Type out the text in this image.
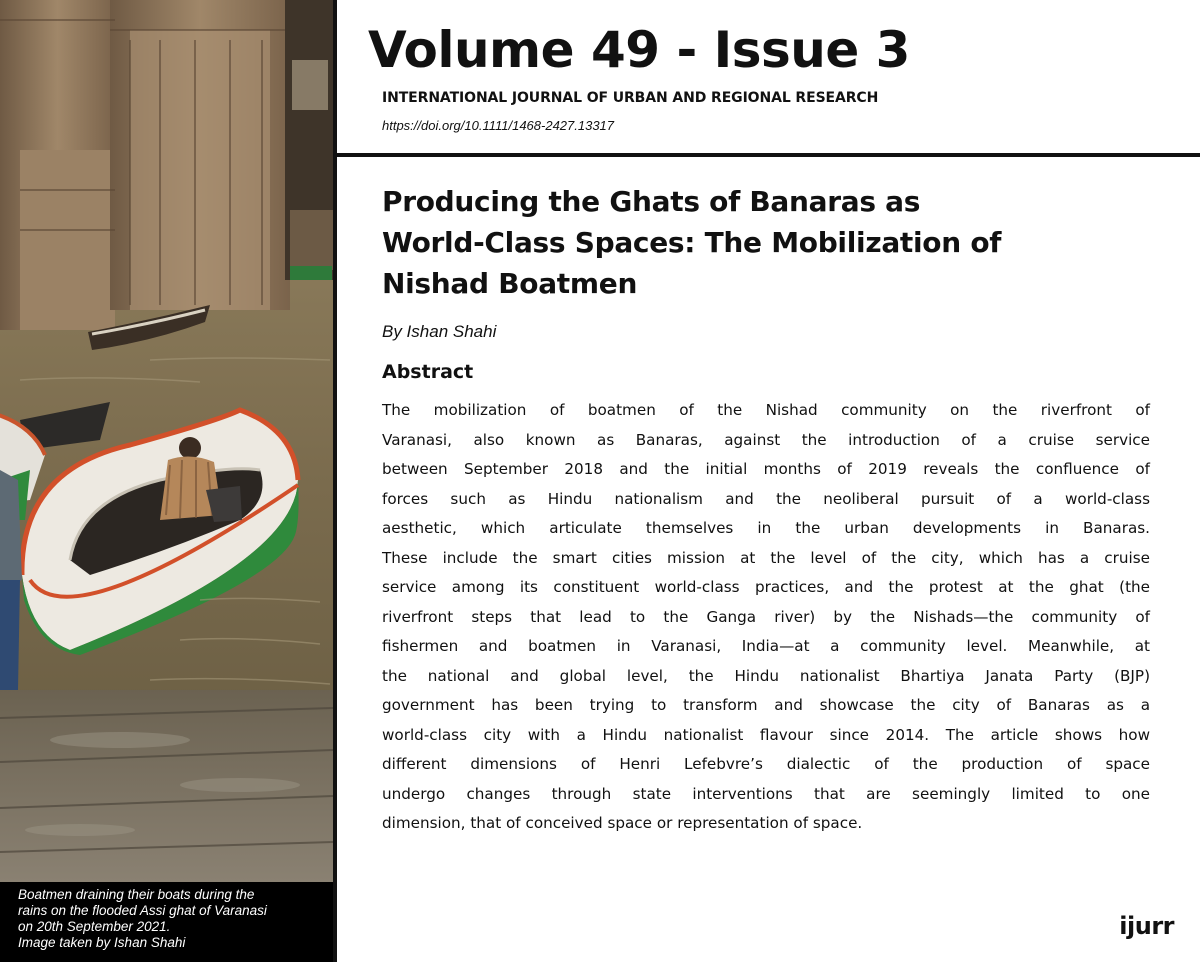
Boatmen draining their boats during the
rains on the flooded Assi ghat of Varanasi
on 20th September 2021.
Image taken by Ishan Shahi
Volume 49 - Issue 3
INTERNATIONAL JOURNAL OF URBAN AND REGIONAL RESEARCH
https://doi.org/10.1111/1468-2427.13317
Producing the Ghats of Banaras as
World-Class Spaces: The Mobilization of
Nishad Boatmen
By Ishan Shahi
Abstract
The mobilization of boatmen of the Nishad community on the riverfront of
Varanasi, also known as Banaras, against the introduction of a cruise service
between September 2018 and the initial months of 2019 reveals the confluence of
forces such as Hindu nationalism and the neoliberal pursuit of a world-class
aesthetic, which articulate themselves in the urban developments in Banaras.
These include the smart cities mission at the level of the city, which has a cruise
service among its constituent world-class practices, and the protest at the ghat (the
riverfront steps that lead to the Ganga river) by the Nishads—the community of
fishermen and boatmen in Varanasi, India—at a community level. Meanwhile, at
the national and global level, the Hindu nationalist Bhartiya Janata Party (BJP)
government has been trying to transform and showcase the city of Banaras as a
world-class city with a Hindu nationalist flavour since 2014. The article shows how
different dimensions of Henri Lefebvre’s dialectic of the production of space
undergo changes through state interventions that are seemingly limited to one
dimension, that of conceived space or representation of space.
ijurr
